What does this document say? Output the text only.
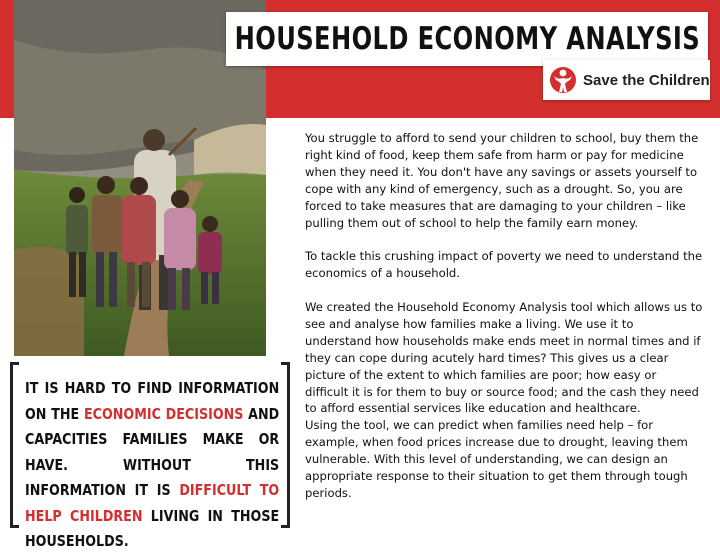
HOUSEHOLD ECONOMY ANALYSIS
Save the Children

You struggle to afford to send your children to school, buy them the right kind of food, keep them safe from harm or pay for medicine when they need it. You don't have any savings or assets yourself to cope with any kind of emergency, such as a drought. So, you are forced to take measures that are damaging to your children – like pulling them out of school to help the family earn money.

To tackle this crushing impact of poverty we need to understand the economics of a household.

We created the Household Economy Analysis tool which allows us to see and analyse how families make a living. We use it to understand how households make ends meet in normal times and if they can cope during acutely hard times? This gives us a clear picture of the extent to which families are poor; how easy or difficult it is for them to buy or source food; and the cash they need to afford essential services like education and healthcare.

Using the tool, we can predict when families need help – for example, when food prices increase due to drought, leaving them vulnerable. With this level of understanding, we can design an appropriate response to their situation to get them through tough periods.

IT IS HARD TO FIND INFORMATION ON THE ECONOMIC DECISIONS AND CAPACITIES FAMILIES MAKE OR HAVE. WITHOUT THIS INFORMATION IT IS DIFFICULT TO HELP CHILDREN LIVING IN THOSE HOUSEHOLDS.
